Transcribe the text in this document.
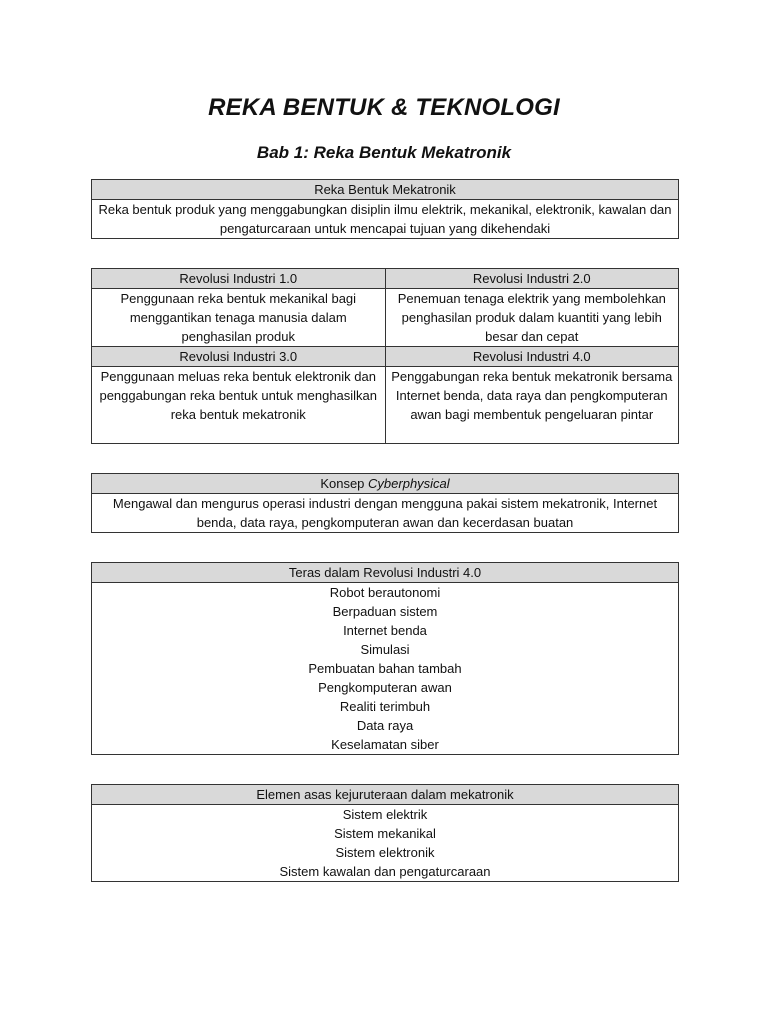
REKA BENTUK & TEKNOLOGI
Bab 1: Reka Bentuk Mekatronik
Reka Bentuk Mekatronik
Reka bentuk produk yang menggabungkan disiplin ilmu elektrik, mekanikal, elektronik, kawalan dan pengaturcaraan untuk mencapai tujuan yang dikehendaki
Revolusi Industri 1.0	Revolusi Industri 2.0
Penggunaan reka bentuk mekanikal bagi menggantikan tenaga manusia dalam penghasilan produk	Penemuan tenaga elektrik yang membolehkan penghasilan produk dalam kuantiti yang lebih besar dan cepat
Revolusi Industri 3.0	Revolusi Industri 4.0
Penggunaan meluas reka bentuk elektronik dan penggabungan reka bentuk untuk menghasilkan reka bentuk mekatronik	Penggabungan reka bentuk mekatronik bersama Internet benda, data raya dan pengkomputeran awan bagi membentuk pengeluaran pintar
Konsep Cyberphysical
Mengawal dan mengurus operasi industri dengan mengguna pakai sistem mekatronik, Internet benda, data raya, pengkomputeran awan dan kecerdasan buatan
Teras dalam Revolusi Industri 4.0

Robot berautonomi
Berpaduan sistem
Internet benda
Simulasi
Pembuatan bahan tambah
Pengkomputeran awan
Realiti terimbuh
Data raya
Keselamatan siber
Elemen asas kejuruteraan dalam mekatronik

Sistem elektrik
Sistem mekanikal
Sistem elektronik
Sistem kawalan dan pengaturcaraan
